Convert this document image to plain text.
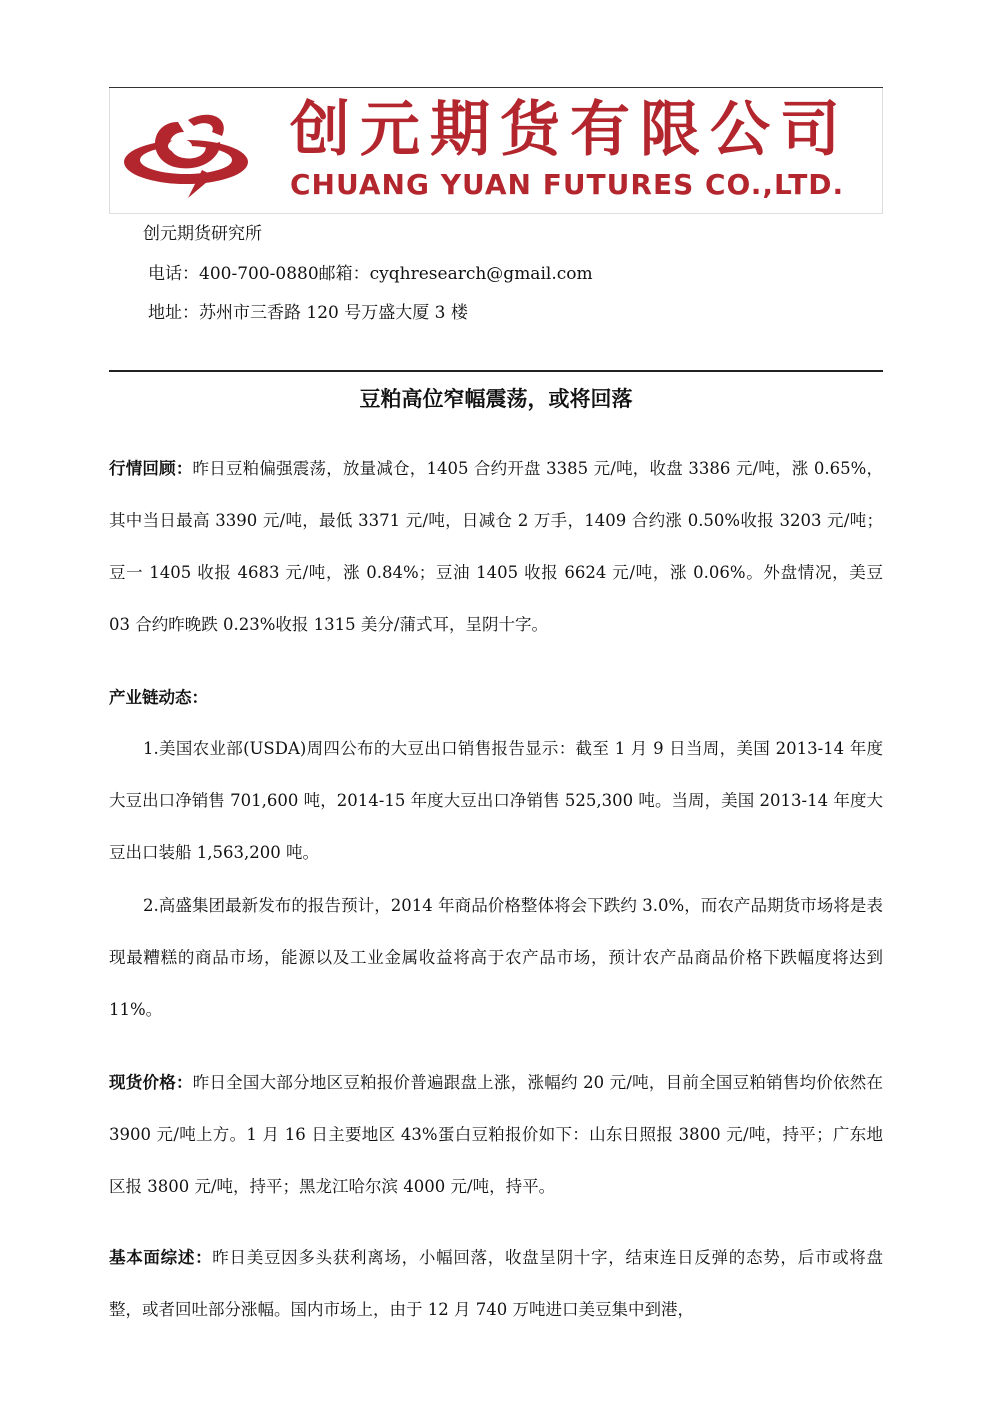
创元期货有限公司
CHUANG YUAN FUTURES CO.,LTD.
创元期货研究所
电话：400-700-0880邮箱：cyqhresearch@gmail.com
地址：苏州市三香路 120 号万盛大厦 3 楼
豆粕高位窄幅震荡，或将回落

行情回顾：昨日豆粕偏强震荡，放量减仓，1405 合约开盘 3385 元/吨，收盘 3386 元/吨，涨 0.65%，其中当日最高 3390 元/吨，最低 3371 元/吨，日减仓 2 万手，1409 合约涨 0.50%收报 3203 元/吨；豆一 1405 收报 4683 元/吨，涨 0.84%；豆油 1405 收报 6624 元/吨，涨 0.06%。外盘情况，美豆 03 合约昨晚跌 0.23%收报 1315 美分/蒲式耳，呈阴十字。

产业链动态：

1.美国农业部(USDA)周四公布的大豆出口销售报告显示：截至 1 月 9 日当周，美国 2013-14 年度大豆出口净销售 701,600 吨，2014-15 年度大豆出口净销售 525,300 吨。当周，美国 2013-14 年度大豆出口装船 1,563,200 吨。

2.高盛集团最新发布的报告预计，2014 年商品价格整体将会下跌约 3.0%，而农产品期货市场将是表现最糟糕的商品市场，能源以及工业金属收益将高于农产品市场，预计农产品商品价格下跌幅度将达到 11%。

现货价格：昨日全国大部分地区豆粕报价普遍跟盘上涨，涨幅约 20 元/吨，目前全国豆粕销售均价依然在 3900 元/吨上方。1 月 16 日主要地区 43%蛋白豆粕报价如下：山东日照报 3800 元/吨，持平；广东地区报 3800 元/吨，持平；黑龙江哈尔滨 4000 元/吨，持平。

基本面综述：昨日美豆因多头获利离场，小幅回落，收盘呈阴十字，结束连日反弹的态势，后市或将盘整，或者回吐部分涨幅。国内市场上，由于 12 月 740 万吨进口美豆集中到港，
